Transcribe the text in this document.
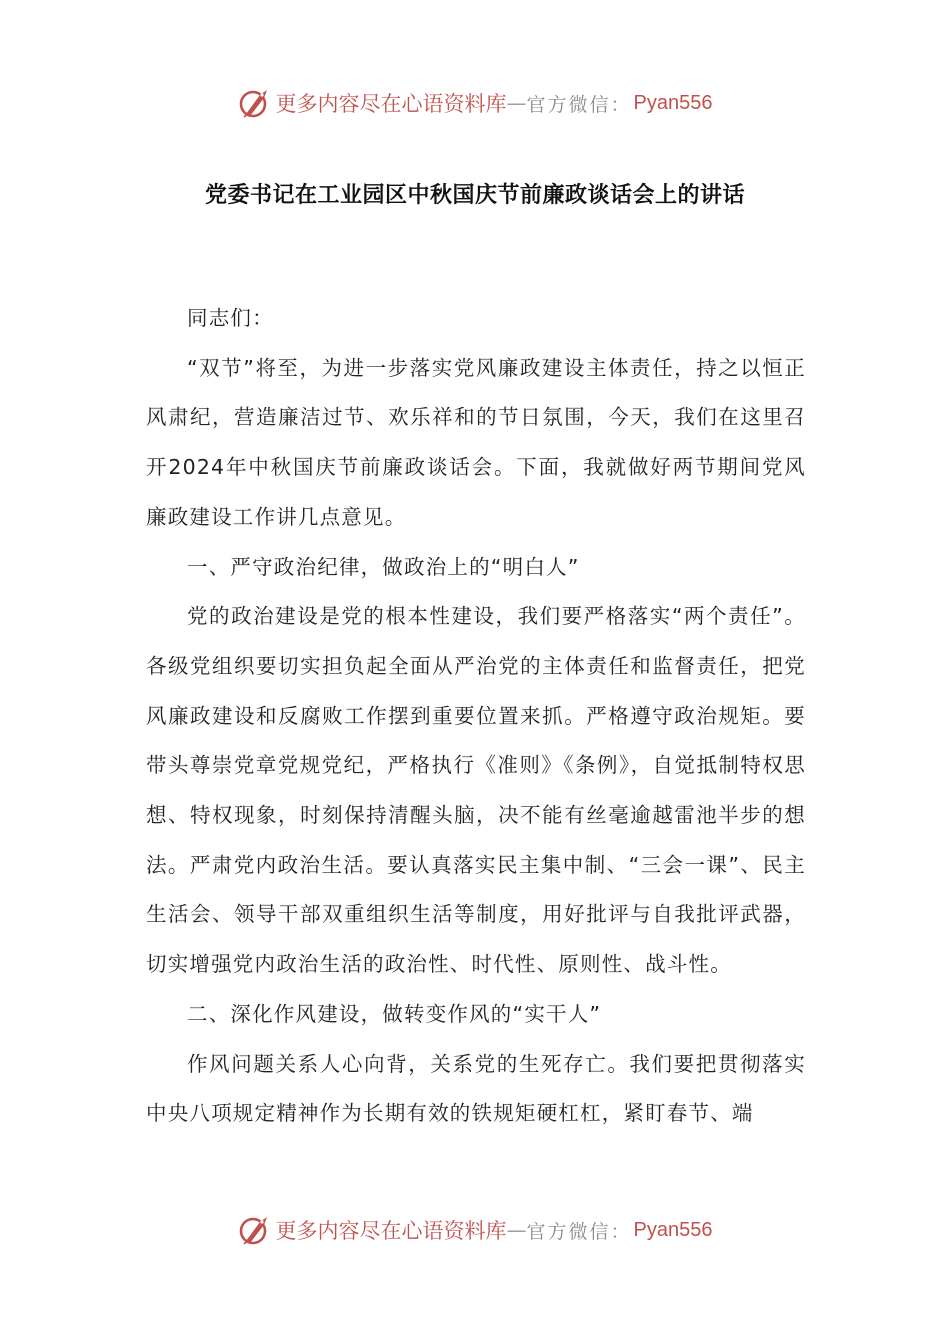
更多内容尽在心语资料库 — 官方微信： Pyan556
党委书记在工业园区中秋国庆节前廉政谈话会上的讲话

同志们：

“双节”将至，为进一步落实党风廉政建设主体责任，持之以恒正风肃纪，营造廉洁过节、欢乐祥和的节日氛围，今天，我们在这里召开2024年中秋国庆节前廉政谈话会。下面，我就做好两节期间党风廉政建设工作讲几点意见。

一、严守政治纪律，做政治上的“明白人”

党的政治建设是党的根本性建设，我们要严格落实“两个责任”。各级党组织要切实担负起全面从严治党的主体责任和监督责任，把党风廉政建设和反腐败工作摆到重要位置来抓。严格遵守政治规矩。要带头尊崇党章党规党纪，严格执行《准则》《条例》，自觉抵制特权思想、特权现象，时刻保持清醒头脑，决不能有丝毫逾越雷池半步的想法。严肃党内政治生活。要认真落实民主集中制、“三会一课”、民主生活会、领导干部双重组织生活等制度，用好批评与自我批评武器，切实增强党内政治生活的政治性、时代性、原则性、战斗性。

二、深化作风建设，做转变作风的“实干人”

作风问题关系人心向背，关系党的生死存亡。我们要把贯彻落实中央八项规定精神作为长期有效的铁规矩硬杠杠，紧盯春节、端

更多内容尽在心语资料库 — 官方微信： Pyan556
